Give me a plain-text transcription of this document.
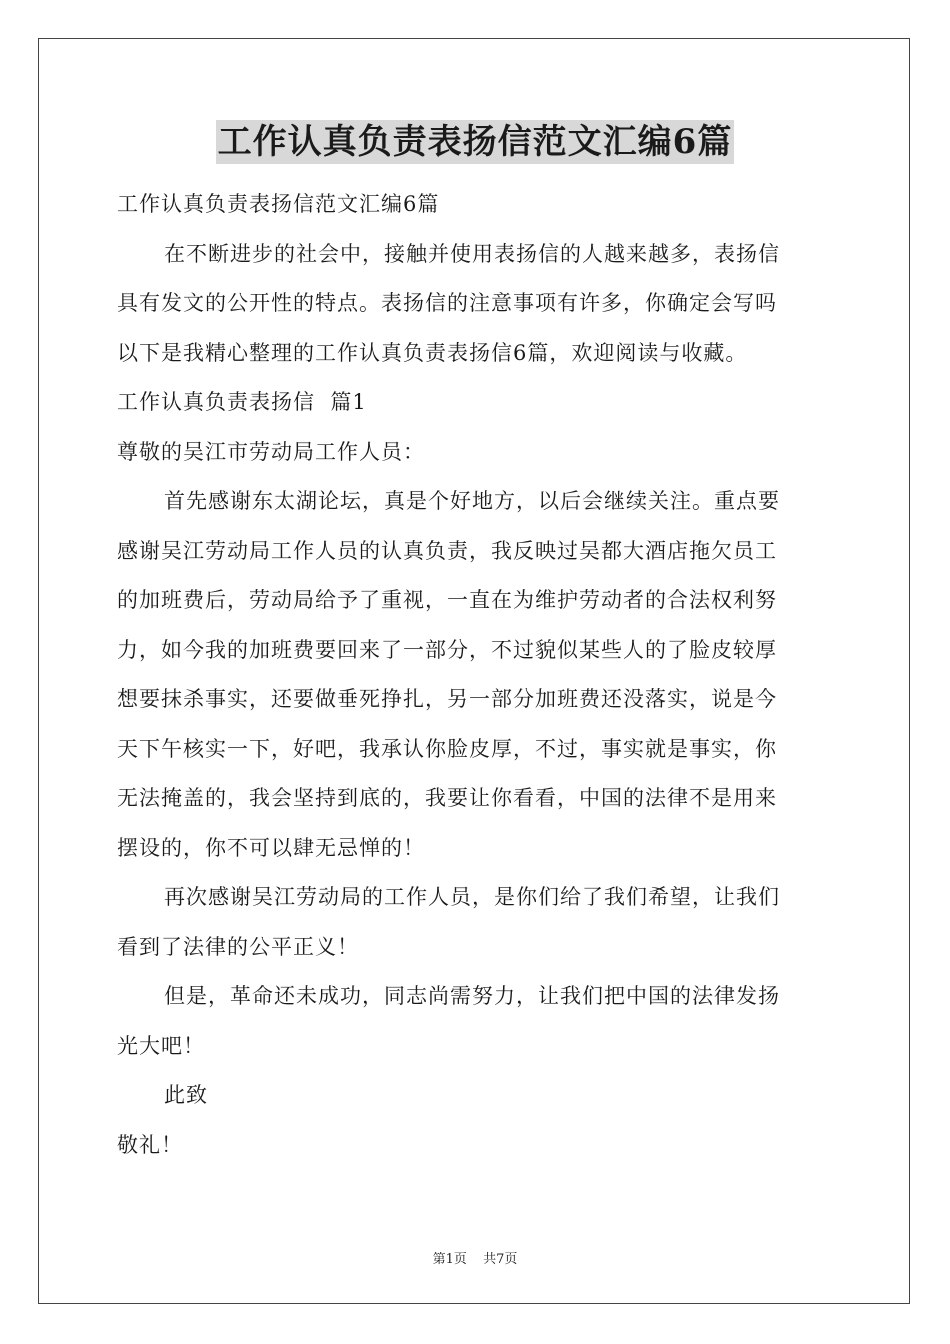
工作认真负责表扬信范文汇编6篇
工作认真负责表扬信范文汇编6篇
在不断进步的社会中，接触并使用表扬信的人越来越多，表扬信
具有发文的公开性的特点。表扬信的注意事项有许多，你确定会写吗
以下是我精心整理的工作认真负责表扬信6篇，欢迎阅读与收藏。
工作认真负责表扬信  篇1
尊敬的吴江市劳动局工作人员：
首先感谢东太湖论坛，真是个好地方，以后会继续关注。重点要
感谢吴江劳动局工作人员的认真负责，我反映过吴都大酒店拖欠员工
的加班费后，劳动局给予了重视，一直在为维护劳动者的合法权利努
力，如今我的加班费要回来了一部分，不过貌似某些人的了脸皮较厚
想要抹杀事实，还要做垂死挣扎，另一部分加班费还没落实，说是今
天下午核实一下，好吧，我承认你脸皮厚，不过，事实就是事实，你
无法掩盖的，我会坚持到底的，我要让你看看，中国的法律不是用来
摆设的，你不可以肆无忌惮的！
再次感谢吴江劳动局的工作人员，是你们给了我们希望，让我们
看到了法律的公平正义！
但是，革命还未成功，同志尚需努力，让我们把中国的法律发扬
光大吧！
此致
敬礼！
第1页 共7页
